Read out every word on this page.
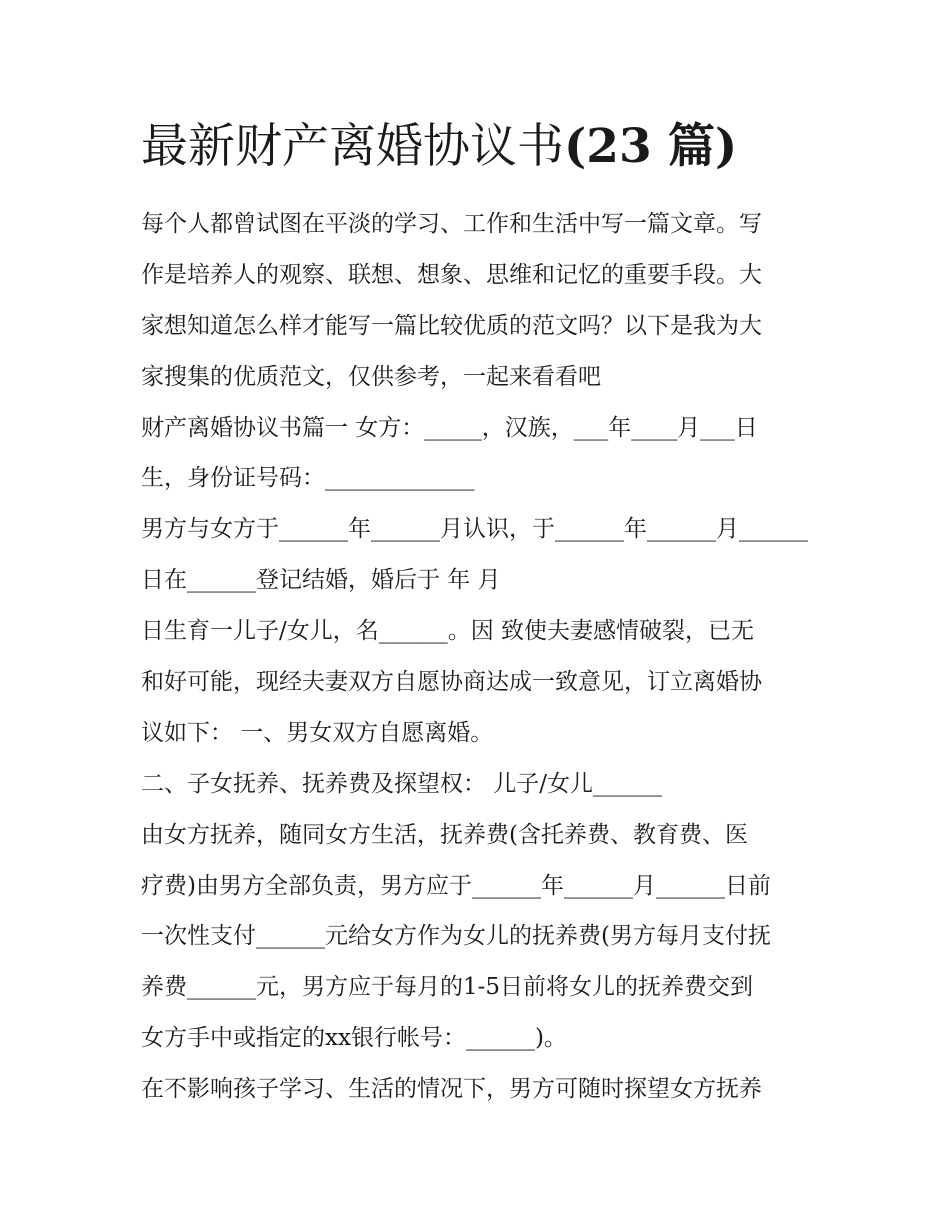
最新财产离婚协议书(23 篇)
每个人都曾试图在平淡的学习、工作和生活中写一篇文章。写
作是培养人的观察、联想、想象、思维和记忆的重要手段。大
家想知道怎么样才能写一篇比较优质的范文吗？以下是我为大
家搜集的优质范文，仅供参考，一起来看看吧
财产离婚协议书篇一 女方：_____，汉族，___年____月___日
生，身份证号码：_____________
男方与女方于______年______月认识，于______年______月______
日在______登记结婚，婚后于 年 月
日生育一儿子/女儿，名______。因 致使夫妻感情破裂，已无
和好可能，现经夫妻双方自愿协商达成一致意见，订立离婚协
议如下： 一、男女双方自愿离婚。
二、子女抚养、抚养费及探望权： 儿子/女儿______
由女方抚养，随同女方生活，抚养费(含托养费、教育费、医
疗费)由男方全部负责，男方应于______年______月______日前
一次性支付______元给女方作为女儿的抚养费(男方每月支付抚
养费______元，男方应于每月的1-5日前将女儿的抚养费交到
女方手中或指定的xx银行帐号：______)。
在不影响孩子学习、生活的情况下，男方可随时探望女方抚养
